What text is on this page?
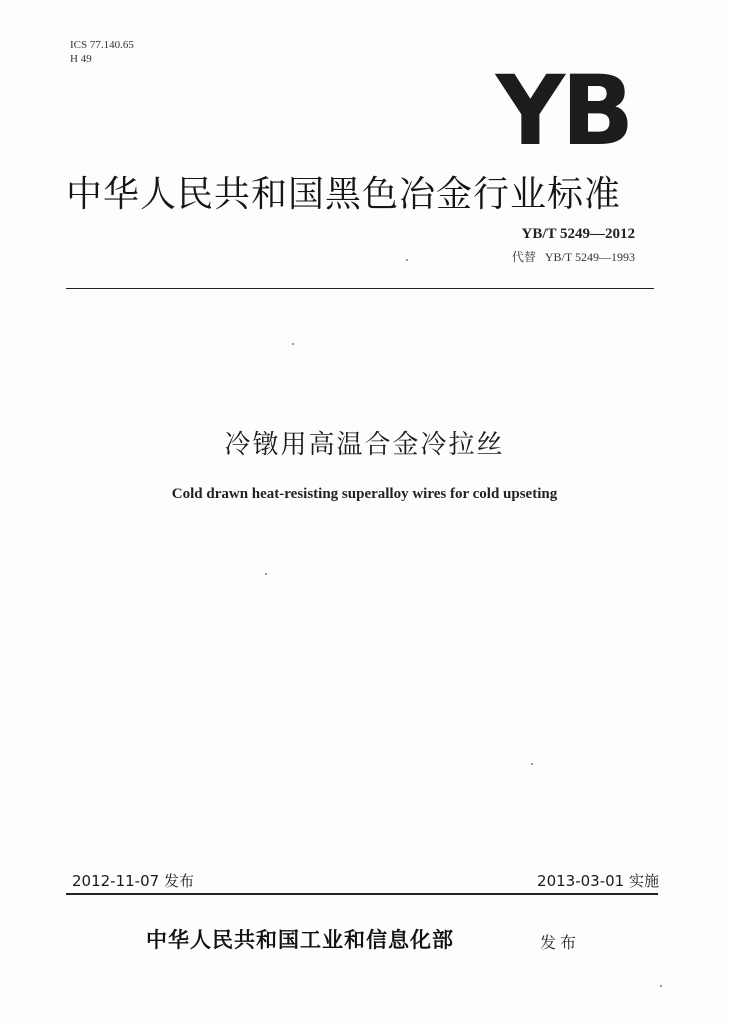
ICS 77.140.65
H 49	YB
中华人民共和国黑色冶金行业标准
YB/T 5249—2012
代替 YB/T 5249—1993
冷镦用高温合金冷拉丝
Cold drawn heat-resisting superalloy wires for cold upseting
2012-11-07 发布	2013-03-01 实施
中华人民共和国工业和信息化部	发布
